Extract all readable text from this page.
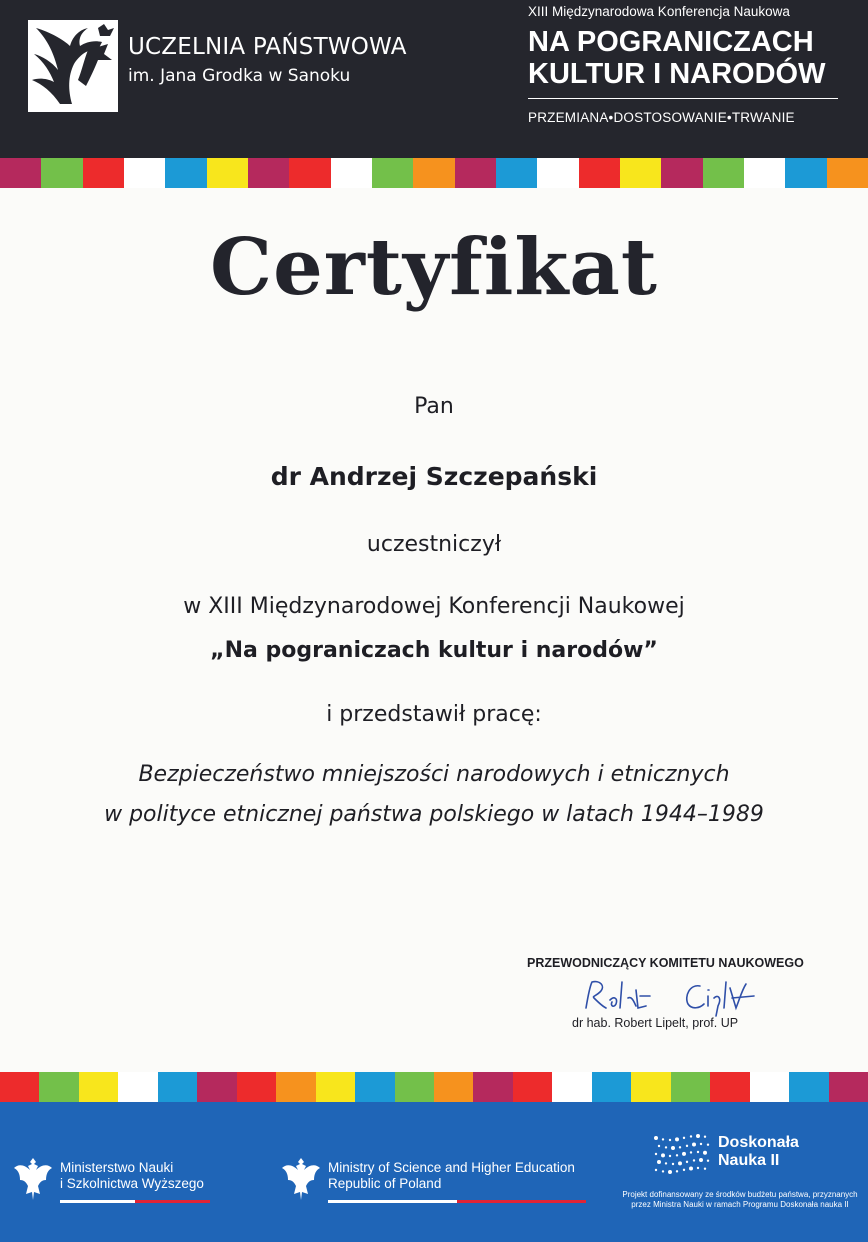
UCZELNIA PAŃSTWOWA
im. Jana Grodka w Sanoku
XIII Międzynarodowa Konferencja Naukowa
NA POGRANICZACH
KULTUR I NARODÓW
PRZEMIANA•DOSTOSOWANIE•TRWANIE
Certyfikat
Pan
dr Andrzej Szczepański
uczestniczył
w XIII Międzynarodowej Konferencji Naukowej
„Na pograniczach kultur i narodów”
i przedstawił pracę:
Bezpieczeństwo mniejszości narodowych i etnicznych
w polityce etnicznej państwa polskiego w latach 1944–1989
PRZEWODNICZĄCY KOMITETU NAUKOWEGO
dr hab. Robert Lipelt, prof. UP
Ministerstwo Nauki
i Szkolnictwa Wyższego
Ministry of Science and Higher Education
Republic of Poland
Doskonała
Nauka II
Projekt dofinansowany ze środków budżetu państwa, przyznanych przez Ministra Nauki w ramach Programu Doskonała nauka II
